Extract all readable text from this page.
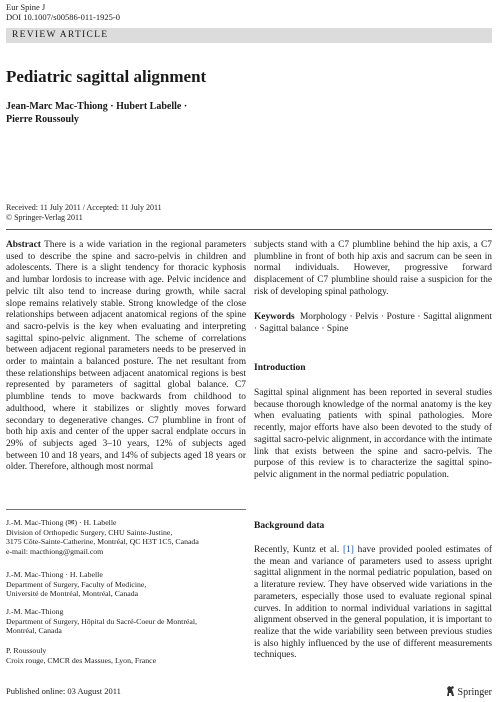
Eur Spine J
DOI 10.1007/s00586-011-1925-0
REVIEW ARTICLE
Pediatric sagittal alignment
Jean-Marc Mac-Thiong · Hubert Labelle ·
Pierre Roussouly
Received: 11 July 2011 / Accepted: 11 July 2011
© Springer-Verlag 2011

Abstract There is a wide variation in the regional parameters used to describe the spine and sacro-pelvis in children and adolescents. There is a slight tendency for thoracic kyphosis and lumbar lordosis to increase with age. Pelvic incidence and pelvic tilt also tend to increase during growth, while sacral slope remains relatively stable. Strong knowledge of the close relationships between adjacent anatomical regions of the spine and sacro-pelvis is the key when evaluating and interpreting sagittal spino-pelvic alignment. The scheme of correlations between adjacent regional parameters needs to be preserved in order to maintain a balanced posture. The net resultant from these relationships between adjacent anatomical regions is best represented by parameters of sagittal global balance. C7 plumbline tends to move backwards from childhood to adulthood, where it stabilizes or slightly moves forward secondary to degenerative changes. C7 plumbline in front of both hip axis and center of the upper sacral endplate occurs in 29% of subjects aged 3–10 years, 12% of subjects aged between 10 and 18 years, and 14% of subjects aged 18 years or older. Therefore, although most normal

J.-M. Mac-Thiong (✉) · H. Labelle
Division of Orthopedic Surgery, CHU Sainte-Justine,
3175 Côte-Sainte-Catherine, Montréal, QC H3T 1C5, Canada
e-mail: macthiong@gmail.com
J.-M. Mac-Thiong · H. Labelle
Department of Surgery, Faculty of Medicine,
Université de Montréal, Montréal, Canada
J.-M. Mac-Thiong
Department of Surgery, Hôpital du Sacré-Coeur de Montréal,
Montréal, Canada
P. Roussouly
Croix rouge, CMCR des Massues, Lyon, France

subjects stand with a C7 plumbline behind the hip axis, a C7 plumbline in front of both hip axis and sacrum can be seen in normal individuals. However, progressive forward displacement of C7 plumbline should raise a suspicion for the risk of developing spinal pathology.

Keywords Morphology · Pelvis · Posture · Sagittal alignment · Sagittal balance · Spine

Introduction
Sagittal spinal alignment has been reported in several studies because thorough knowledge of the normal anatomy is the key when evaluating patients with spinal pathologies. More recently, major efforts have also been devoted to the study of sagittal sacro-pelvic alignment, in accordance with the intimate link that exists between the spine and sacro-pelvis. The purpose of this review is to characterize the sagittal spino-pelvic alignment in the normal pediatric population.
Background data

Recently, Kuntz et al. [1] have provided pooled estimates of the mean and variance of parameters used to assess upright sagittal alignment in the normal pediatric population, based on a literature review. They have observed wide variations in the parameters, especially those used to evaluate regional spinal curves. In addition to normal individual variations in sagittal alignment observed in the general population, it is important to realize that the wide variability seen between previous studies is also highly influenced by the use of different measurements techniques.

Published online: 03 August 2011	Springer
